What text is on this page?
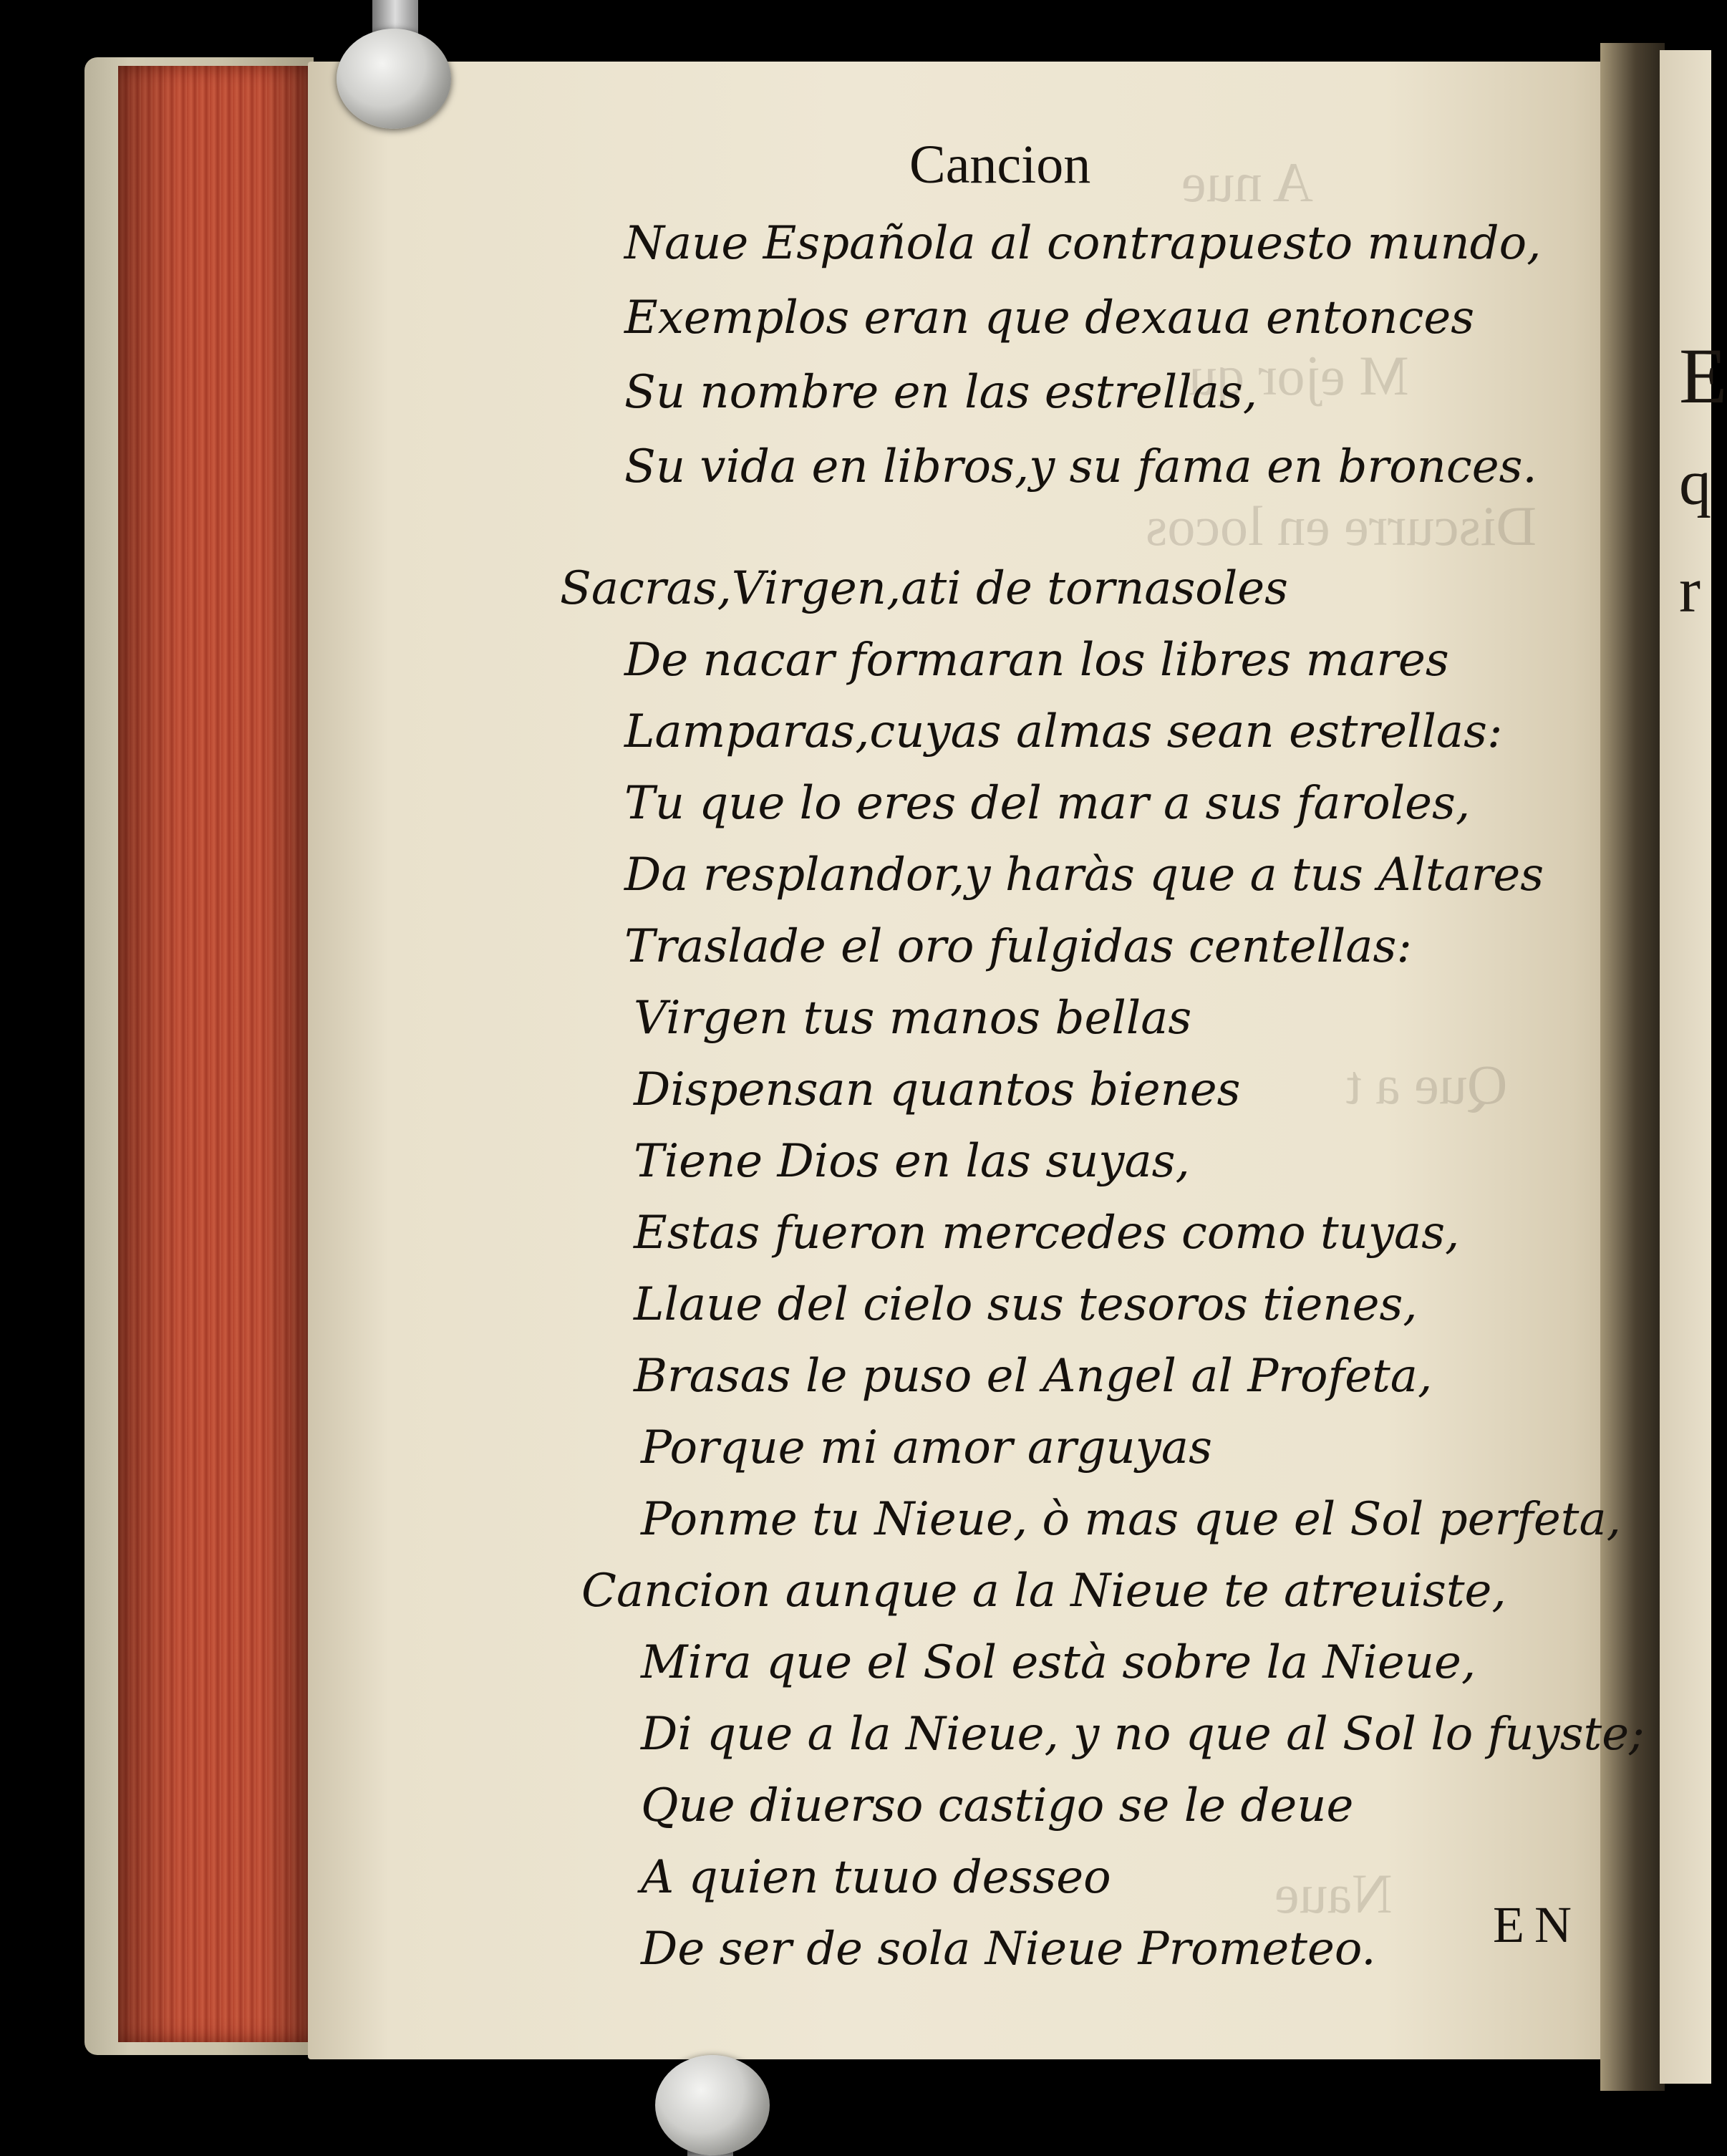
A nue
M ejor qu
Discurre en locos
Que a t
Naue
E
q
r
Cancion
Naue Española al contrapuesto mundo,
Exemplos eran que dexaua entonces
Su nombre en las estrellas,
Su vida en libros,y su fama en bronces.
Sacras,Virgen,ati de tornasoles
De nacar formaran los libres mares
Lamparas,cuyas almas sean estrellas:
Tu que lo eres del mar a sus faroles,
Da resplandor,y haràs que a tus Altares
Traslade el oro fulgidas centellas:
Virgen tus manos bellas
Dispensan quantos bienes
Tiene Dios en las suyas,
Estas fueron mercedes como tuyas,
Llaue del cielo sus tesoros tienes,
Brasas le puso el Angel al Profeta,
Porque mi amor arguyas
Ponme tu Nieue, ò mas que el Sol perfeta,
Cancion aunque a la Nieue te atreuiste,
Mira que el Sol està sobre la Nieue,
Di que a la Nieue, y no que al Sol lo fuyste;
Que diuerso castigo se le deue
A quien tuuo desseo
De ser de sola Nieue Prometeo. EN
